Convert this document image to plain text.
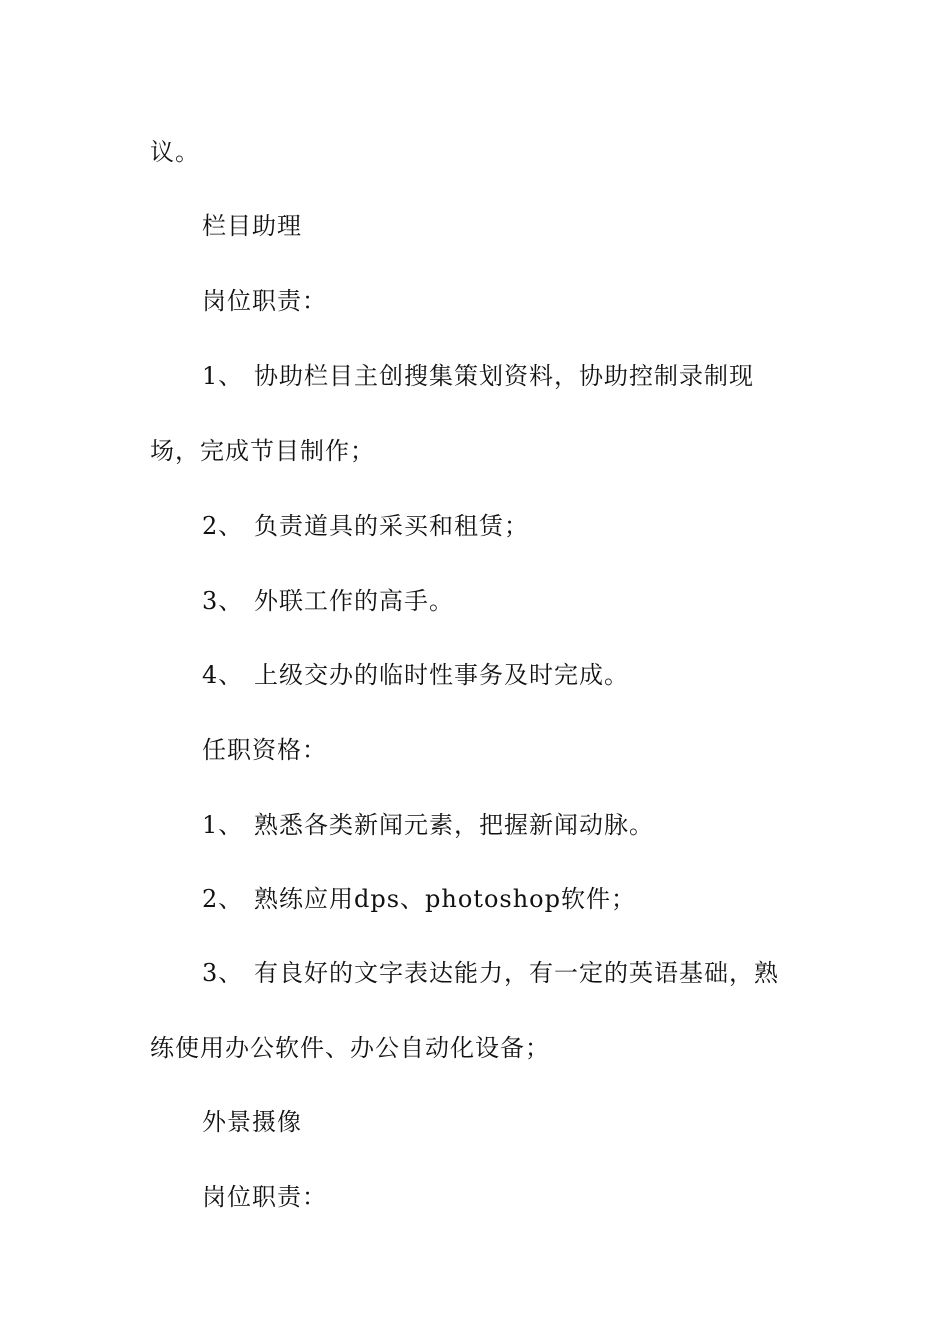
议。
栏目助理
岗位职责：
1、 协助栏目主创搜集策划资料，协助控制录制现
场，完成节目制作；
2、 负责道具的采买和租赁；
3、 外联工作的高手。
4、 上级交办的临时性事务及时完成。
任职资格：
1、 熟悉各类新闻元素，把握新闻动脉。
2、 熟练应用dps、photoshop软件；
3、 有良好的文字表达能力，有一定的英语基础，熟
练使用办公软件、办公自动化设备；
外景摄像
岗位职责：
